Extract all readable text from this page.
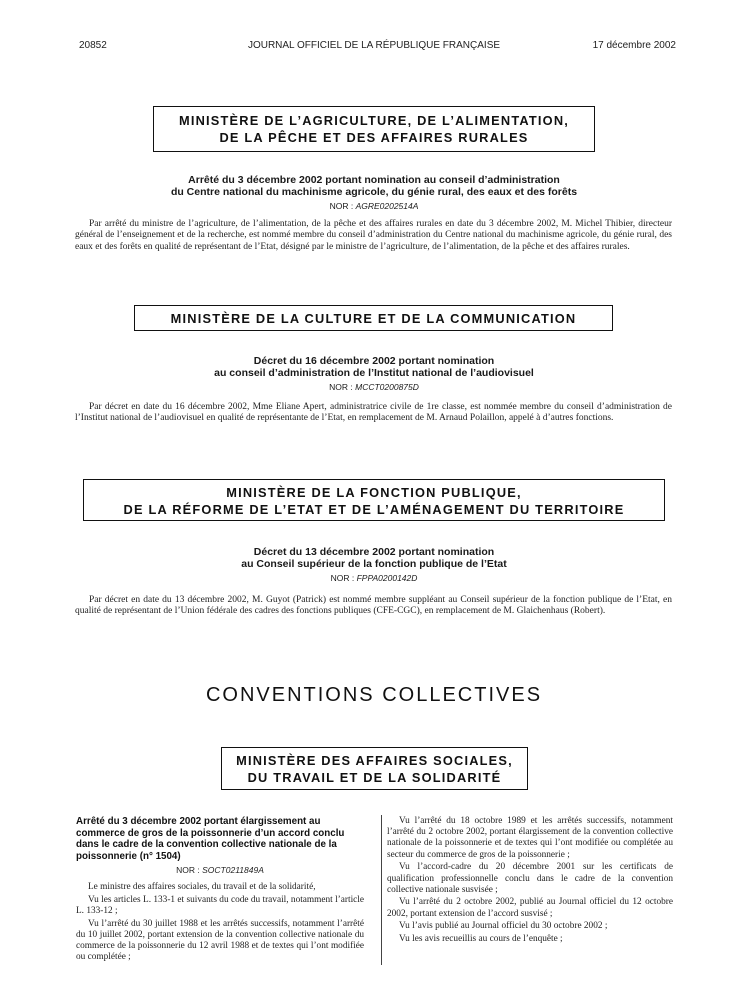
20852	JOURNAL OFFICIEL DE LA RÉPUBLIQUE FRANÇAISE	17 décembre 2002
MINISTÈRE DE L’AGRICULTURE, DE L’ALIMENTATION,
DE LA PÊCHE ET DES AFFAIRES RURALES
Arrêté du 3 décembre 2002 portant nomination au conseil d’administration
du Centre national du machinisme agricole, du génie rural, des eaux et des forêts
NOR : AGRE0202514A

Par arrêté du ministre de l’agriculture, de l’alimentation, de la pêche et des affaires rurales en date du 3 décembre 2002, M. Michel Thibier, directeur général de l’enseignement et de la recherche, est nommé membre du conseil d’administration du Centre national du machinisme agricole, du génie rural, des eaux et des forêts en qualité de représentant de l’Etat, désigné par le ministre de l’agriculture, de l’alimentation, de la pêche et des affaires rurales.

MINISTÈRE DE LA CULTURE ET DE LA COMMUNICATION
Décret du 16 décembre 2002 portant nomination
au conseil d’administration de l’Institut national de l’audiovisuel
NOR : MCCT0200875D

Par décret en date du 16 décembre 2002, Mme Eliane Apert, administratrice civile de 1re classe, est nommée membre du conseil d’administration de l’Institut national de l’audiovisuel en qualité de représentante de l’Etat, en remplacement de M. Arnaud Polaillon, appelé à d’autres fonctions.

MINISTÈRE DE LA FONCTION PUBLIQUE,
DE LA RÉFORME DE L’ETAT ET DE L’AMÉNAGEMENT DU TERRITOIRE
Décret du 13 décembre 2002 portant nomination
au Conseil supérieur de la fonction publique de l’Etat
NOR : FPPA0200142D

Par décret en date du 13 décembre 2002, M. Guyot (Patrick) est nommé membre suppléant au Conseil supérieur de la fonction publique de l’Etat, en qualité de représentant de l’Union fédérale des cadres des fonctions publiques (CFE-CGC), en remplacement de M. Glaichenhaus (Robert).

CONVENTIONS COLLECTIVES
MINISTÈRE DES AFFAIRES SOCIALES,
DU TRAVAIL ET DE LA SOLIDARITÉ
Arrêté du 3 décembre 2002 portant élargissement au commerce de gros de la poissonnerie d’un accord conclu dans le cadre de la convention collective nationale de la poissonnerie (n° 1504)
NOR : SOCT0211849A

Le ministre des affaires sociales, du travail et de la solidarité,

Vu les articles L. 133-1 et suivants du code du travail, notamment l’article L. 133-12 ;

Vu l’arrêté du 30 juillet 1988 et les arrêtés successifs, notamment l’arrêté du 10 juillet 2002, portant extension de la convention collective nationale du commerce de la poissonnerie du 12 avril 1988 et de textes qui l’ont modifiée ou complétée ;

Vu l’arrêté du 18 octobre 1989 et les arrêtés successifs, notamment l’arrêté du 2 octobre 2002, portant élargissement de la convention collective nationale de la poissonnerie et de textes qui l’ont modifiée ou complétée au secteur du commerce de gros de la poissonnerie ;

Vu l’accord-cadre du 20 décembre 2001 sur les certificats de qualification professionnelle conclu dans le cadre de la convention collective nationale susvisée ;

Vu l’arrêté du 2 octobre 2002, publié au Journal officiel du 12 octobre 2002, portant extension de l’accord susvisé ;

Vu l’avis publié au Journal officiel du 30 octobre 2002 ;

Vu les avis recueillis au cours de l’enquête ;
